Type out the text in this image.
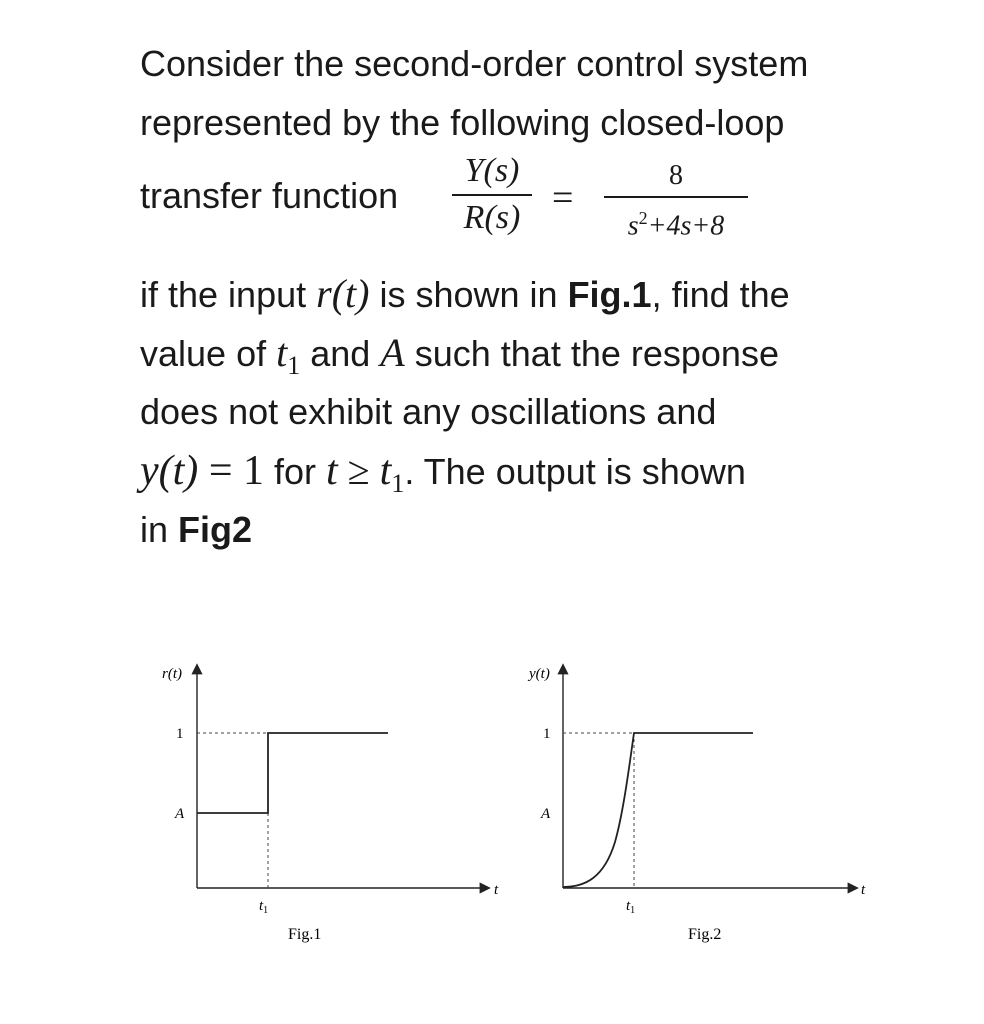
Consider the second-order control system
represented by the following closed-loop
transfer function
Y(s)
R(s) =
8
$s^2+4s+8$
if the input r(t) is shown in Fig.1, find the
value of $t_1$ and A such that the response
does not exhibit any oscillations and
y(t) = 1 for $t \ge t_1$. The output is shown
in Fig2
r(t)
t
1
A
$t_1$
Fig.1
y(t)
t
1
A
$t_1$
Fig.2
